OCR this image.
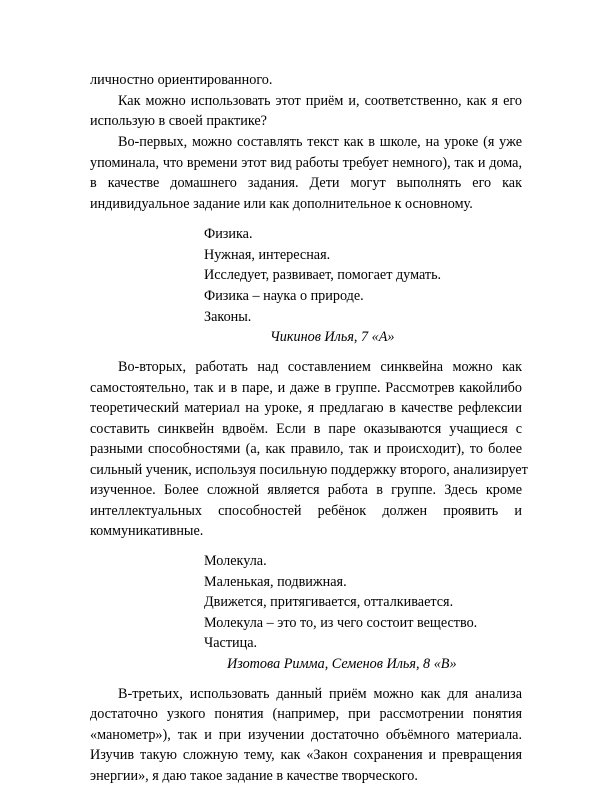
личностно ориентированного.
Как можно использовать этот приём и, соответственно, как я его
использую в своей практике?
Во-первых, можно составлять текст как в школе, на уроке (я уже
упоминала, что времени этот вид работы требует немного), так и дома,
в качестве домашнего задания. Дети могут выполнять его как
индивидуальное задание или как дополнительное к основному.
Физика.
Нужная, интересная.
Исследует, развивает, помогает думать.
Физика – наука о природе.
Законы.
Чикинов Илья, 7 «А»
Во-вторых, работать над составлением синквейна можно как
самостоятельно, так и в паре, и даже в группе. Рассмотрев какойлибо
теоретический материал на уроке, я предлагаю в качестве рефлексии
составить синквейн вдвоём. Если в паре оказываются учащиеся с
разными способностями (а, как правило, так и происходит), то более
сильный ученик, используя посильную поддержку второго, анализирует
изученное. Более сложной является работа в группе. Здесь кроме
интеллектуальных способностей ребёнок должен проявить и
коммуникативные.
Молекула.
Маленькая, подвижная.
Движется, притягивается, отталкивается.
Молекула – это то, из чего состоит вещество.
Частица.
Изотова Римма, Семенов Илья, 8 «В»
В-третьих, использовать данный приём можно как для анализа
достаточно узкого понятия (например, при рассмотрении понятия
«манометр»), так и при изучении достаточно объёмного материала.
Изучив такую сложную тему, как «Закон сохранения и превращения
энергии», я даю такое задание в качестве творческого.
